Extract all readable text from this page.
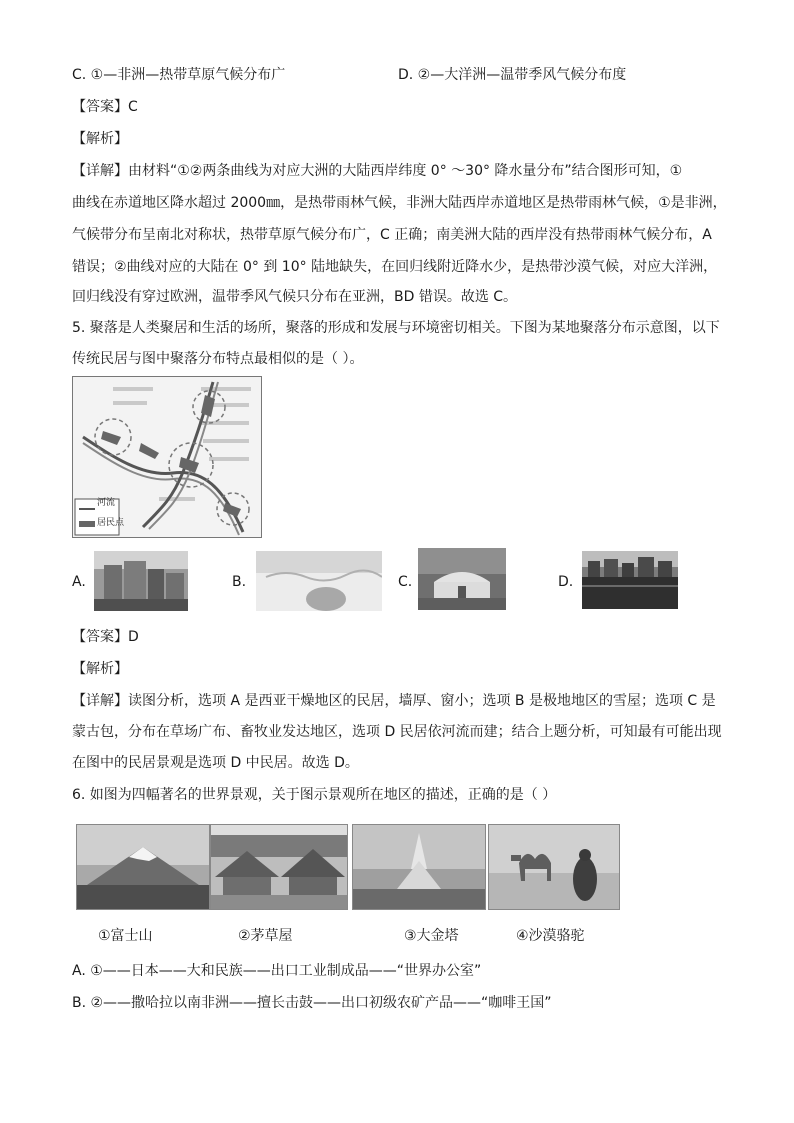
C. ①—非洲—热带草原气候分布广	D. ②—大洋洲—温带季风气候分布度
【答案】C
【解析】
【详解】由材料“①②两条曲线为对应大洲的大陆西岸纬度 0° ～30° 降水量分布”结合图形可知，①
曲线在赤道地区降水超过 2000㎜，是热带雨林气候，非洲大陆西岸赤道地区是热带雨林气候，①是非洲，
气候带分布呈南北对称状，热带草原气候分布广，C 正确；南美洲大陆的西岸没有热带雨林气候分布，A
错误；②曲线对应的大陆在 0° 到 10° 陆地缺失，在回归线附近降水少，是热带沙漠气候，对应大洋洲，
回归线没有穿过欧洲，温带季风气候只分布在亚洲，BD 错误。故选 C。
5. 聚落是人类聚居和生活的场所，聚落的形成和发展与环境密切相关。下图为某地聚落分布示意图，以下
传统民居与图中聚落分布特点最相似的是（ ）。
河流
居民点
A.	B.	C.	D.
【答案】D
【解析】
【详解】读图分析，选项 A 是西亚干燥地区的民居，墙厚、窗小；选项 B 是极地地区的雪屋；选项 C 是
蒙古包，分布在草场广布、畜牧业发达地区，选项 D 民居依河流而建；结合上题分析，可知最有可能出现
在图中的民居景观是选项 D 中民居。故选 D。
6. 如图为四幅著名的世界景观，关于图示景观所在地区的描述，正确的是（ ）
①富士山	②茅草屋	③大金塔	④沙漠骆驼
A. ①——日本——大和民族——出口工业制成品——“世界办公室”
B. ②——撒哈拉以南非洲——擅长击鼓——出口初级农矿产品——“咖啡王国”
